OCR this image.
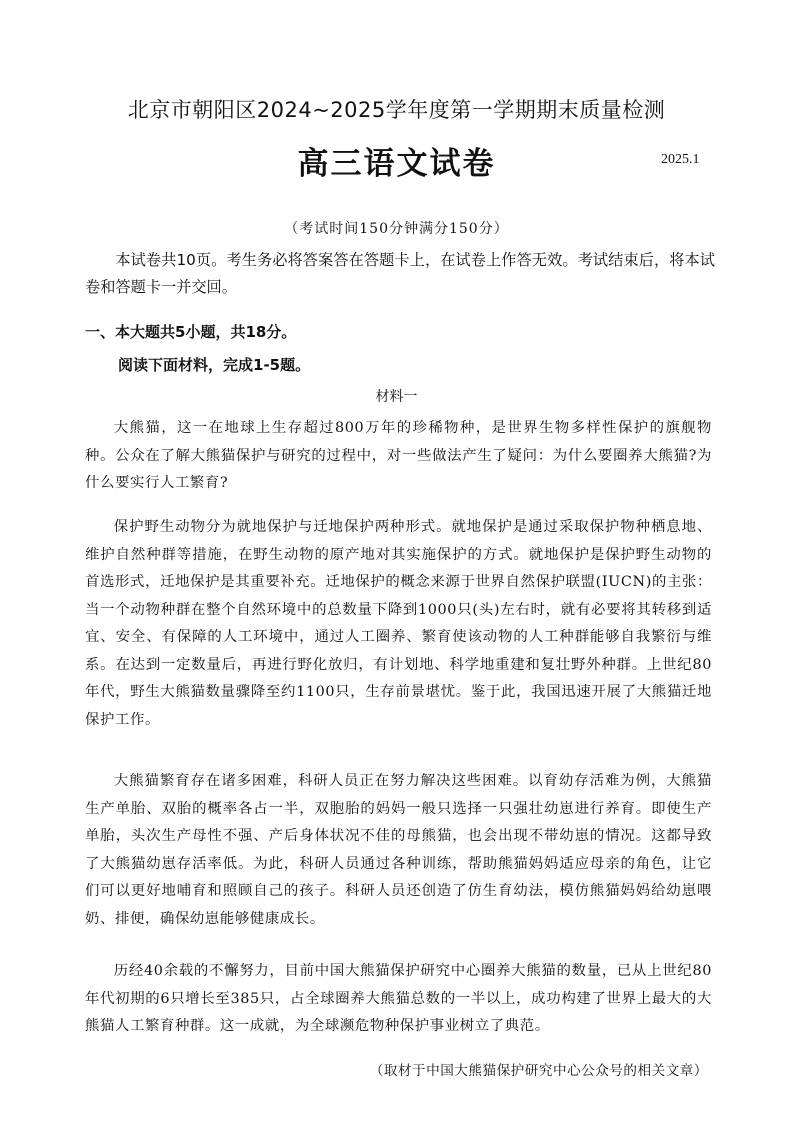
北京市朝阳区2024~2025学年度第一学期期末质量检测
高三语文试卷	2025.1
（考试时间150分钟满分150分）
本试卷共10页。考生务必将答案答在答题卡上，在试卷上作答无效。考试结束后，将本试卷和答题卡一并交回。
一、本大题共5小题，共18分。
阅读下面材料，完成1-5题。
材料一
大熊猫，这一在地球上生存超过800万年的珍稀物种，是世界生物多样性保护的旗舰物种。公众在了解大熊猫保护与研究的过程中，对一些做法产生了疑问：为什么要圈养大熊猫?为什么要实行人工繁育?
保护野生动物分为就地保护与迁地保护两种形式。就地保护是通过采取保护物种栖息地、维护自然种群等措施，在野生动物的原产地对其实施保护的方式。就地保护是保护野生动物的首选形式，迁地保护是其重要补充。迁地保护的概念来源于世界自然保护联盟(IUCN)的主张：当一个动物种群在整个自然环境中的总数量下降到1000只(头)左右时，就有必要将其转移到适宜、安全、有保障的人工环境中，通过人工圈养、繁育使该动物的人工种群能够自我繁衍与维系。在达到一定数量后，再进行野化放归，有计划地、科学地重建和复壮野外种群。上世纪80年代，野生大熊猫数量骤降至约1100只，生存前景堪忧。鉴于此，我国迅速开展了大熊猫迁地保护工作。
大熊猫繁育存在诸多困难，科研人员正在努力解决这些困难。以育幼存活难为例，大熊猫生产单胎、双胎的概率各占一半，双胞胎的妈妈一般只选择一只强壮幼崽进行养育。即使生产单胎，头次生产母性不强、产后身体状况不佳的母熊猫，也会出现不带幼崽的情况。这都导致了大熊猫幼崽存活率低。为此，科研人员通过各种训练，帮助熊猫妈妈适应母亲的角色，让它们可以更好地哺育和照顾自己的孩子。科研人员还创造了仿生育幼法，模仿熊猫妈妈给幼崽喂奶、排便，确保幼崽能够健康成长。
历经40余载的不懈努力，目前中国大熊猫保护研究中心圈养大熊猫的数量，已从上世纪80年代初期的6只增长至385只，占全球圈养大熊猫总数的一半以上，成功构建了世界上最大的大熊猫人工繁育种群。这一成就，为全球濒危物种保护事业树立了典范。
（取材于中国大熊猫保护研究中心公众号的相关文章）
